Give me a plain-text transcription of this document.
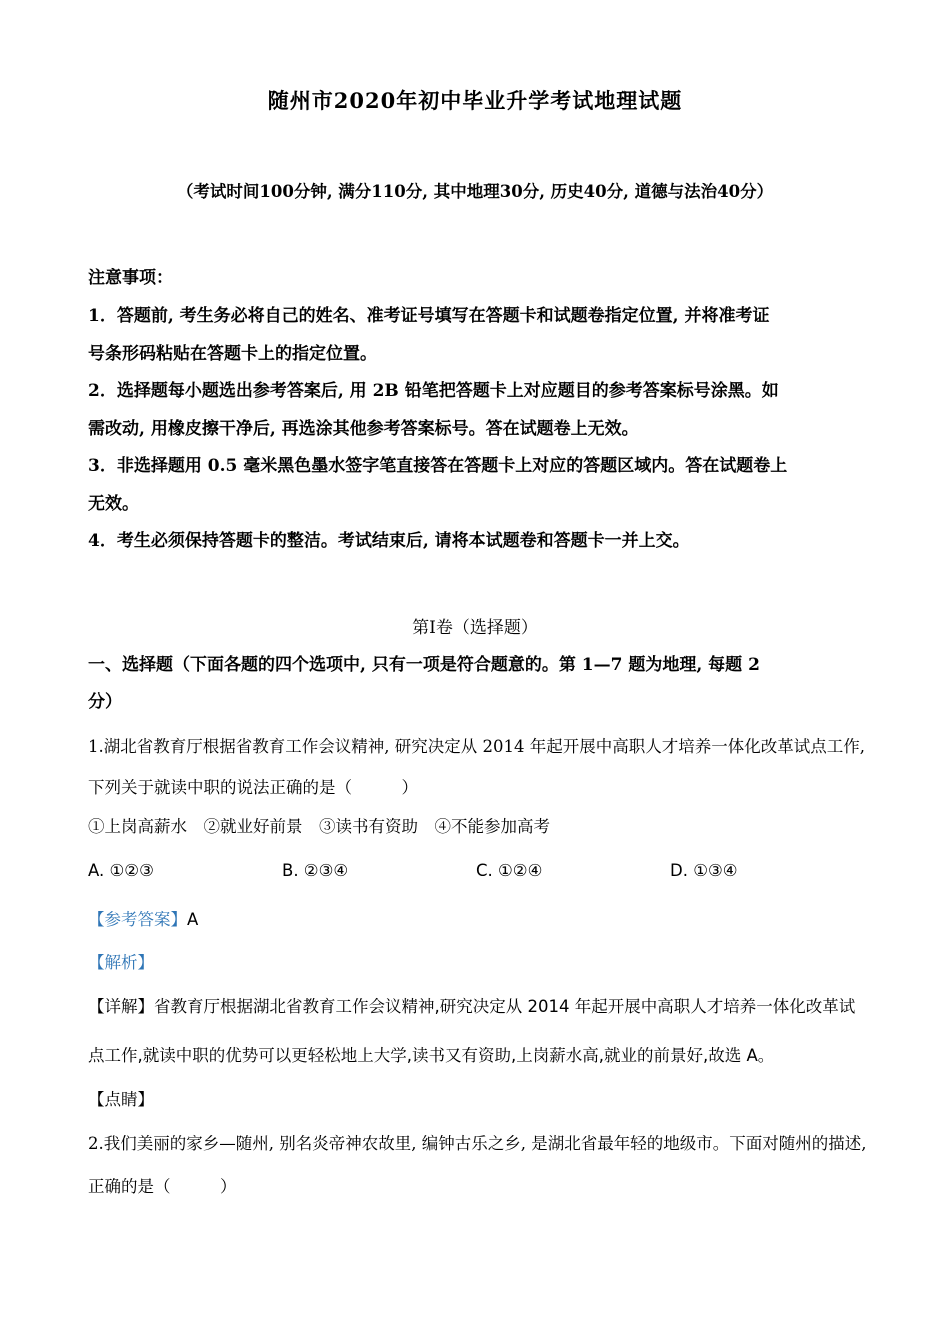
随州市2020年初中毕业升学考试地理试题
（考试时间100分钟, 满分110分, 其中地理30分, 历史40分, 道德与法治40分）
注意事项：
1．答题前, 考生务必将自己的姓名、准考证号填写在答题卡和试题卷指定位置, 并将准考证
号条形码粘贴在答题卡上的指定位置。
2．选择题每小题选出参考答案后, 用 2B 铅笔把答题卡上对应题目的参考答案标号涂黑。如
需改动, 用橡皮擦干净后, 再选涂其他参考答案标号。答在试题卷上无效。
3．非选择题用 0.5 毫米黑色墨水签字笔直接答在答题卡上对应的答题区域内。答在试题卷上
无效。
4．考生必须保持答题卡的整洁。考试结束后, 请将本试题卷和答题卡一并上交。
第Ⅰ卷（选择题）
一、选择题（下面各题的四个选项中, 只有一项是符合题意的。第 1—7 题为地理, 每题 2
分）
1.湖北省教育厅根据省教育工作会议精神, 研究决定从 2014 年起开展中高职人才培养一体化改革试点工作,
下列关于就读中职的说法正确的是（　　　）
①上岗高薪水　②就业好前景　③读书有资助　④不能参加高考
A. ①②③	B. ②③④	C. ①②④	D. ①③④
【参考答案】A
【解析】
【详解】省教育厅根据湖北省教育工作会议精神,研究决定从 2014 年起开展中高职人才培养一体化改革试
点工作,就读中职的优势可以更轻松地上大学,读书又有资助,上岗薪水高,就业的前景好,故选 A。
【点睛】
2.我们美丽的家乡—随州, 别名炎帝神农故里, 编钟古乐之乡, 是湖北省最年轻的地级市。下面对随州的描述,
正确的是（　　　）
